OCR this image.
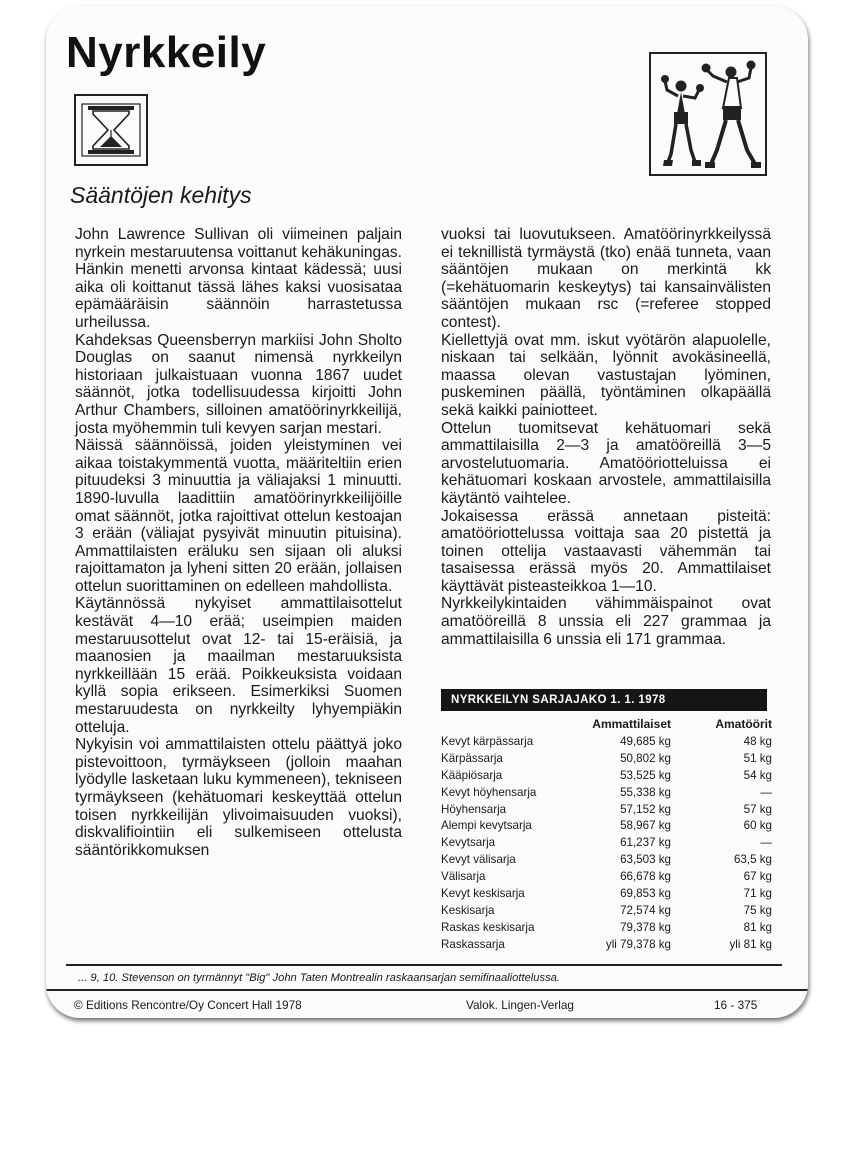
Nyrkkeily
Sääntöjen kehitys

John Lawrence Sullivan oli viimeinen paljain nyrkein mestaruutensa voittanut kehäkuningas. Hänkin menetti arvonsa kintaat kädessä; uusi aika oli koittanut tässä lähes kaksi vuosisataa epämääräisin säännöin harrastetussa urheilussa.

Kahdeksas Queensberryn markiisi John Sholto Douglas on saanut nimensä nyrkkeilyn historiaan julkaistuaan vuonna 1867 uudet säännöt, jotka todellisuudessa kirjoitti John Arthur Chambers, silloinen amatöörinyrkkeilijä, josta myöhemmin tuli kevyen sarjan mestari.

Näissä säännöissä, joiden yleistyminen vei aikaa toistakymmentä vuotta, määriteltiin erien pituudeksi 3 minuuttia ja väliajaksi 1 minuutti. 1890-luvulla laadittiin amatöörinyrkkeilijöille omat säännöt, jotka rajoittivat ottelun kestoajan 3 erään (väliajat pysyivät minuutin pituisina). Ammattilaisten eräluku sen sijaan oli aluksi rajoittamaton ja lyheni sitten 20 erään, jollaisen ottelun suorittaminen on edelleen mahdollista.

Käytännössä nykyiset ammattilaisottelut kestävät 4—10 erää; useimpien maiden mestaruusottelut ovat 12- tai 15-eräisiä, ja maanosien ja maailman mestaruuksista nyrkkeillään 15 erää. Poikkeuksista voidaan kyllä sopia erikseen. Esimerkiksi Suomen mestaruudesta on nyrkkeilty lyhyempiäkin otteluja.

Nykyisin voi ammattilaisten ottelu päättyä joko pistevoittoon, tyrmäykseen (jolloin maahan lyödylle lasketaan luku kymmeneen), tekniseen tyrmäykseen (kehätuomari keskeyttää ottelun toisen nyrkkeilijän ylivoimaisuuden vuoksi), diskvalifiointiin eli sulkemiseen ottelusta sääntörikkomuksen

vuoksi tai luovutukseen. Amatöörinyrkkeilyssä ei teknillistä tyrmäystä (tko) enää tunneta, vaan sääntöjen mukaan on merkintä kk (=kehätuomarin keskeytys) tai kansainvälisten sääntöjen mukaan rsc (=referee stopped contest).

Kiellettyjä ovat mm. iskut vyötärön alapuolelle, niskaan tai selkään, lyönnit avokäsineellä, maassa olevan vastustajan lyöminen, puskeminen päällä, työntäminen olkapäällä sekä kaikki painiotteet.

Ottelun tuomitsevat kehätuomari sekä ammattilaisilla 2—3 ja amatööreillä 3—5 arvostelutuomaria. Amatööriotteluissa ei kehätuomari koskaan arvostele, ammattilaisilla käytäntö vaihtelee.

Jokaisessa erässä annetaan pisteitä: amatööriottelussa voittaja saa 20 pistettä ja toinen ottelija vastaavasti vähemmän tai tasaisessa erässä myös 20. Ammattilaiset käyttävät pisteasteikkoa 1—10.

Nyrkkeilykintaiden vähimmäispainot ovat amatööreillä 8 unssia eli 227 grammaa ja ammattilaisilla 6 unssia eli 171 grammaa.

NYRKKEILYN SARJAJAKO 1. 1. 1978
	Ammattilaiset	Amatöörit
Kevyt kärpässarja	49,685 kg	48 kg
Kärpässarja	50,802 kg	51 kg
Kääpiösarja	53,525 kg	54 kg
Kevyt höyhensarja	55,338 kg	—
Höyhensarja	57,152 kg	57 kg
Alempi kevytsarja	58,967 kg	60 kg
Kevytsarja	61,237 kg	—
Kevyt välisarja	63,503 kg	63,5 kg
Välisarja	66,678 kg	67 kg
Kevyt keskisarja	69,853 kg	71 kg
Keskisarja	72,574 kg	75 kg
Raskas keskisarja	79,378 kg	81 kg
Raskassarja	yli 79,378 kg	yli 81 kg
... 9, 10. Stevenson on tyrmännyt "Big" John Taten Montrealin raskaansarjan semifinaaliottelussa.
© Editions Rencontre/Oy Concert Hall 1978	Valok. Lingen-Verlag	16 - 375
